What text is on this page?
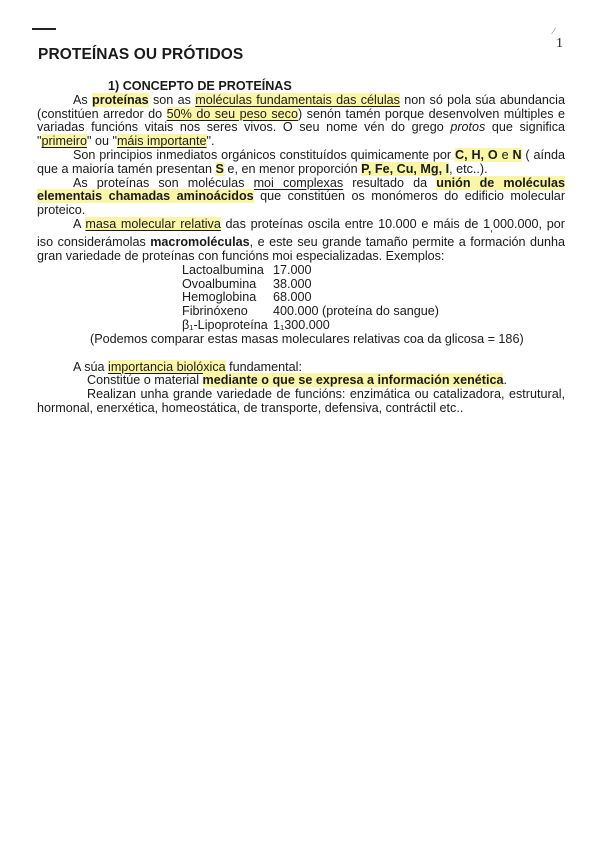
⁄
1
PROTEÍNAS OU PRÓTIDOS

1) CONCEPTO DE PROTEÍNAS

As proteínas son as moléculas fundamentais das células non só pola súa abundancia (constitúen arredor do 50% do seu peso seco) senón tamén porque desenvolven múltiples e variadas funcións vitais nos seres vivos. O seu nome vén do grego protos que significa "primeiro" ou "máis importante".

Son principios inmediatos orgánicos constituídos quimicamente por C, H, O e N ( aínda que a maioría tamén presentan S e, en menor proporción P, Fe, Cu, Mg, I, etc..).

As proteínas son moléculas moi complexas resultado da unión de moléculas elementais chamadas aminoácidos que constitúen os monómeros do edificio molecular proteico.

A masa molecular relativa das proteínas oscila entre 10.000 e máis de $1_,000.000$, por iso considerámolas macromoléculas, e este seu grande tamaño permite a formación dunha gran variedade de proteínas con funcións moi especializadas. Exemplos:

Lactoalbumina 17.000
Ovoalbumina	38.000
Hemoglobina	68.000
Fibrinóxeno	400.000 (proteína do sangue)
β₁-Lipoproteína 1₁300.000

(Podemos comparar estas masas moleculares relativas coa da glicosa = 186)

A súa importancia biolóxica fundamental:

Constitúe o material mediante o que se expresa a información xenética.

Realizan unha grande variedade de funcións: enzimática ou catalizadora, estrutural, hormonal, enerxética, homeostática, de transporte, defensiva, contráctil etc..
